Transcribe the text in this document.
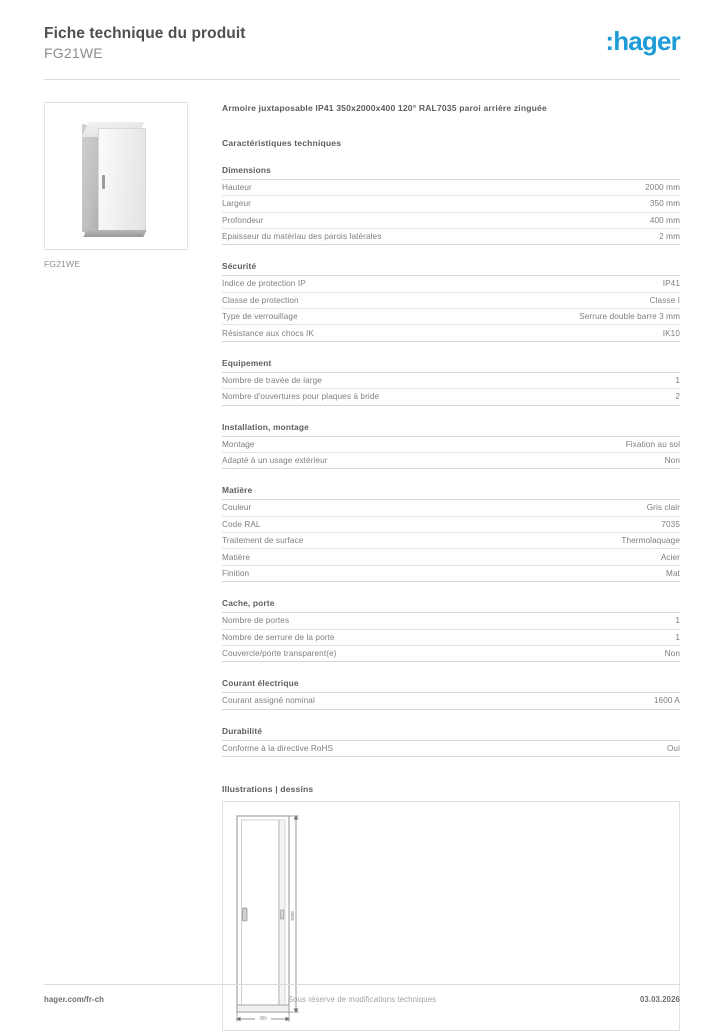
Fiche technique du produit
FG21WE	:hager
FG21WE
Armoire juxtaposable IP41 350x2000x400 120° RAL7035 paroi arrière zinguée
Caractéristiques techniques
Dimensions
Hauteur	2000 mm
Largeur	350 mm
Profondeur	400 mm
Epaisseur du matériau des parois latérales	2 mm
Sécurité
Indice de protection IP	IP41
Classe de protection	Classe I
Type de verrouillage	Serrure double barre 3 mm
Résistance aux chocs IK	IK10
Equipement
Nombre de travée de large	1
Nombre d'ouvertures pour plaques à bride	2
Installation, montage
Montage	Fixation au sol
Adapté à un usage extérieur	Non
Matière
Couleur	Gris clair
Code RAL	7035
Traitement de surface	Thermolaquage
Matière	Acier
Finition	Mat
Cache, porte
Nombre de portes	1
Nombre de serrure de la porte	1
Couvercle/porte transparent(e)	Non
Courant électrique
Courant assigné nominal	1600 A
Durabilité
Conforme à la directive RoHS	Oui
Illustrations | dessins
2000
350
hager.com/fr-ch	Sous réserve de modifications techniques	03.03.2026
